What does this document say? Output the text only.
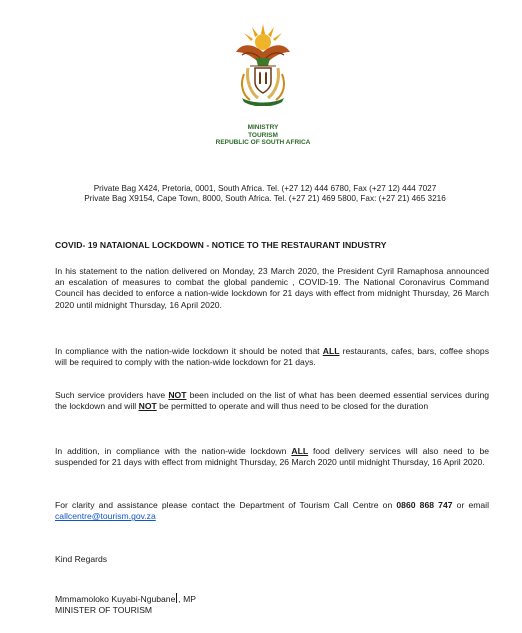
MINISTRY
TOURISM
REPUBLIC OF SOUTH AFRICA
Private Bag X424, Pretoria, 0001, South Africa. Tel. (+27 12) 444 6780, Fax (+27 12) 444 7027
Private Bag X9154, Cape Town, 8000, South Africa. Tel. (+27 21) 469 5800, Fax: (+27 21) 465 3216
COVID- 19 NATAIONAL LOCKDOWN - NOTICE TO THE RESTAURANT INDUSTRY
In his statement to the nation delivered on Monday, 23 March 2020, the President Cyril Ramaphosa announced an escalation of measures to combat the global pandemic , COVID-19. The National Coronavirus Command Council has decided to enforce a nation-wide lockdown for 21 days with effect from midnight Thursday, 26 March 2020 until midnight Thursday, 16 April 2020.
In compliance with the nation-wide lockdown it should be noted that ALL restaurants, cafes, bars, coffee shops will be required to comply with the nation-wide lockdown for 21 days.
Such service providers have NOT been included on the list of what has been deemed essential services during the lockdown and will NOT be permitted to operate and will thus need to be closed for the duration
In addition, in compliance with the nation-wide lockdown ALL food delivery services will also need to be suspended for 21 days with effect from midnight Thursday, 26 March 2020 until midnight Thursday, 16 April 2020.
For clarity and assistance please contact the Department of Tourism Call Centre on 0860 868 747 or email callcentre@tourism.gov.za
Kind Regards
Mmmamoloko Kuyabi-Ngubane , MP
MINISTER OF TOURISM
